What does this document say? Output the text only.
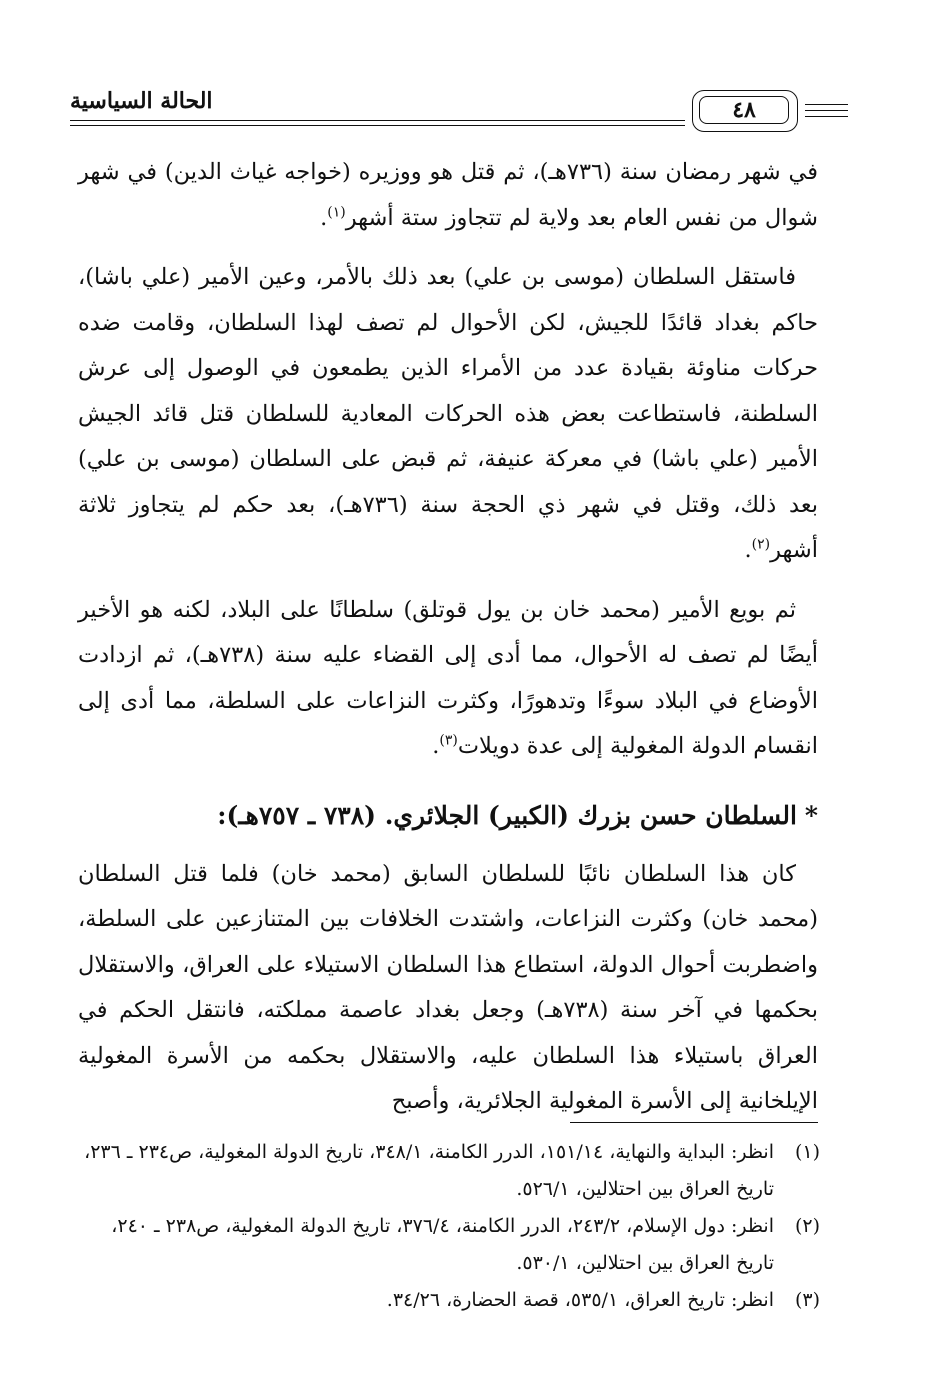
الحالة السياسية	٤٨

في شهر رمضان سنة (٧٣٦هـ)، ثم قتل هو ووزيره (خواجه غياث الدين) في شهر شوال من نفس العام بعد ولاية لم تتجاوز ستة أشهر$^{(١)}$.

فاستقل السلطان (موسى بن علي) بعد ذلك بالأمر، وعين الأمير (علي باشا)، حاكم بغداد قائدًا للجيش، لكن الأحوال لم تصف لهذا السلطان، وقامت ضده حركات مناوئة بقيادة عدد من الأمراء الذين يطمعون في الوصول إلى عرش السلطنة، فاستطاعت بعض هذه الحركات المعادية للسلطان قتل قائد الجيش الأمير (علي باشا) في معركة عنيفة، ثم قبض على السلطان (موسى بن علي) بعد ذلك، وقتل في شهر ذي الحجة سنة (٧٣٦هـ)، بعد حكم لم يتجاوز ثلاثة أشهر$^{(٢)}$.

ثم بويع الأمير (محمد خان بن يول قوتلق) سلطانًا على البلاد، لكنه هو الأخير أيضًا لم تصف له الأحوال، مما أدى إلى القضاء عليه سنة (٧٣٨هـ)، ثم ازدادت الأوضاع في البلاد سوءًا وتدهورًا، وكثرت النزاعات على السلطة، مما أدى إلى انقسام الدولة المغولية إلى عدة دويلات$^{(٣)}$.

*السلطان حسن بزرك (الكبير) الجلائري. (٧٣٨ ـ ٧٥٧هـ):

كان هذا السلطان نائبًا للسلطان السابق (محمد خان) فلما قتل السلطان (محمد خان) وكثرت النزاعات، واشتدت الخلافات بين المتنازعين على السلطة، واضطربت أحوال الدولة، استطاع هذا السلطان الاستيلاء على العراق، والاستقلال بحكمها في آخر سنة (٧٣٨هـ) وجعل بغداد عاصمة مملكته، فانتقل الحكم في العراق باستيلاء هذا السلطان عليه، والاستقلال بحكمه من الأسرة المغولية الإيلخانية إلى الأسرة المغولية الجلائرية، وأصبح

(١)
انظر: البداية والنهاية، ١٥١/١٤، الدرر الكامنة، ٣٤٨/١، تاريخ الدولة المغولية، ص٢٣٤ ـ ٢٣٦، تاريخ العراق بين احتلالين، ٥٢٦/١.
(٢)
انظر: دول الإسلام، ٢٤٣/٢، الدرر الكامنة، ٣٧٦/٤، تاريخ الدولة المغولية، ص٢٣٨ ـ ٢٤٠، تاريخ العراق بين احتلالين، ٥٣٠/١.
(٣)
انظر: تاريخ العراق، ٥٣٥/١، قصة الحضارة، ٣٤/٢٦.
